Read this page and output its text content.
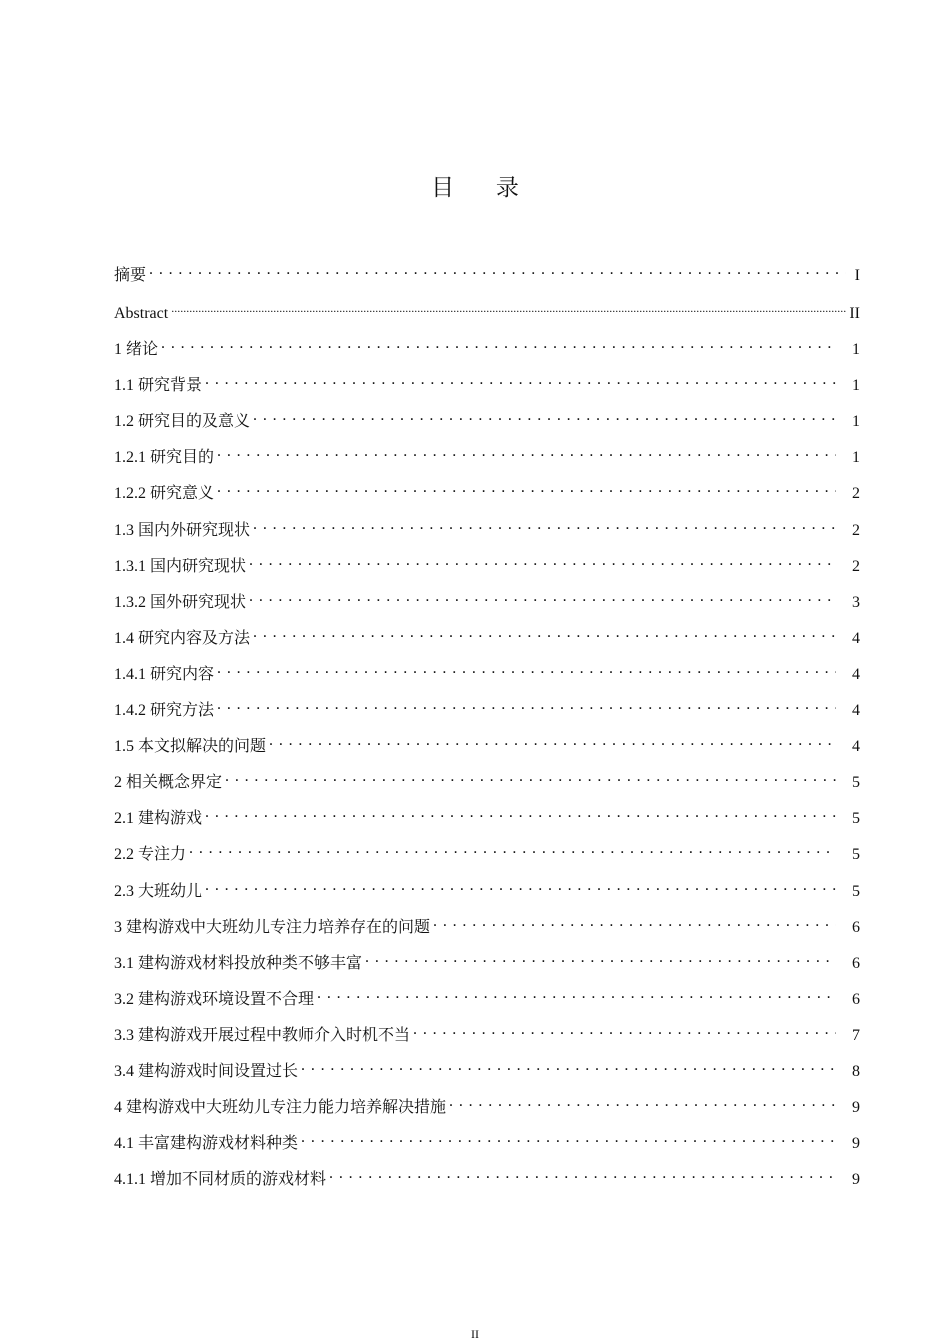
目 录
摘要 . . .	I
Abstract .....	II
1 绪论 . . .	1
1.1 研究背景 . . .	1
1.2 研究目的及意义 . . .	1
1.2.1 研究目的 . . .	1
1.2.2 研究意义 . . .	2
1.3 国内外研究现状 . . .	2
1.3.1 国内研究现状 . . .	2
1.3.2 国外研究现状 . . .	3
1.4 研究内容及方法 . . .	4
1.4.1 研究内容 . . .	4
1.4.2 研究方法 . . .	4
1.5 本文拟解决的问题 . . .	4
2 相关概念界定 . . .	5
2.1 建构游戏 . . .	5
2.2 专注力 . . .	5
2.3 大班幼儿 . . .	5
3 建构游戏中大班幼儿专注力培养存在的问题 . . .	6
3.1 建构游戏材料投放种类不够丰富 . . .	6
3.2 建构游戏环境设置不合理 . . .	6
3.3 建构游戏开展过程中教师介入时机不当 . . .	7
3.4 建构游戏时间设置过长 . . .	8
4 建构游戏中大班幼儿专注力能力培养解决措施 . . .	9
4.1 丰富建构游戏材料种类 . . .	9
4.1.1 增加不同材质的游戏材料 . . .	9
II
